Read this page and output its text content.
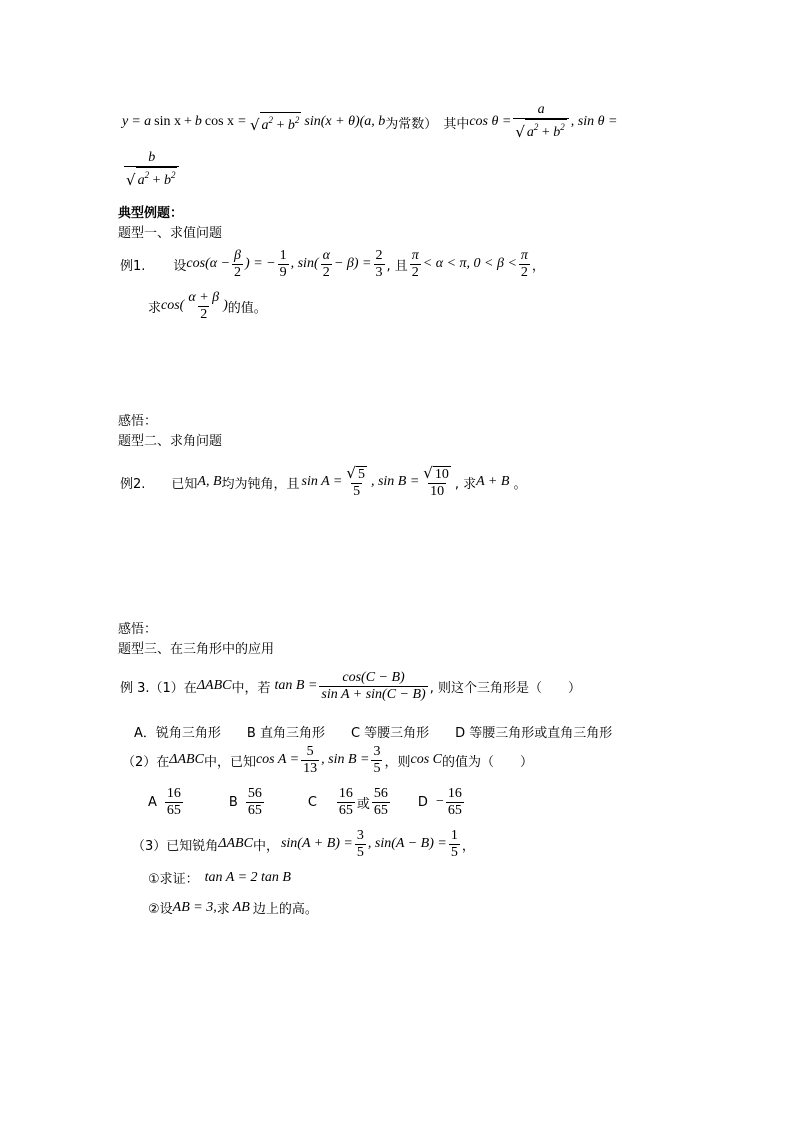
y = a sin x + b cos x = √ $a^2 + b^2$ sin(x + θ) (a, b 为常数） 其中 $\cos \theta = \frac{a}{√ a^2 + b^2}$ , sin θ =
$\frac{b}{√ a^2 + b^2}$
典型例题：
题型一、求值问题
例1. 设 $\cos(\alpha - \frac{\beta}{2}$ ) = − $\frac{1}{9}$ , $\sin( \frac{\alpha}{2} - \beta) = \frac{2}{3}$ , 且 $\frac{\pi}{2} < \alpha < \pi$, $0 < \beta < \frac{\pi}{2}$ ，
求 $\cos( \frac{\alpha + \beta}{2}$ ) 的值。
感悟：
题型二、求角问题
例2. 已知 A, B 均为钝角，且 $\sin A = \frac{√ 5}{5}$ , $\sin B = \frac{√ 10}{10}$ , 求 A + B 。
感悟：
题型三、在三角形中的应用
例 3.（1）在 ΔABC 中，若 $\tan B = \frac{\cos(C - B)}{\text{sin A + sin(C − B)}}$ , 则这个三角形是（　　）
A．锐角三角形　　B 直角三角形　　C 等腰三角形　　D 等腰三角形或直角三角形
（2）在 ΔABC 中，已知 $\cos A = \frac{5}{13}$ , $\sin B = \frac{3}{5}$ ，则 cos C 的值为（　　）
A $\frac{16}{65}$	B $\frac{56}{65}$	C $\frac{16}{65}$ 或 $\frac{56}{65}$ $D - \frac{16}{65}$
（3）已知锐角 ΔABC 中， $\sin(A + B) = \frac{3}{5}$ , $\sin(A - B) = \frac{1}{5}$ ，
①求证： tan A = 2 tan B
②设 AB = 3, 求 AB 边上的高。
